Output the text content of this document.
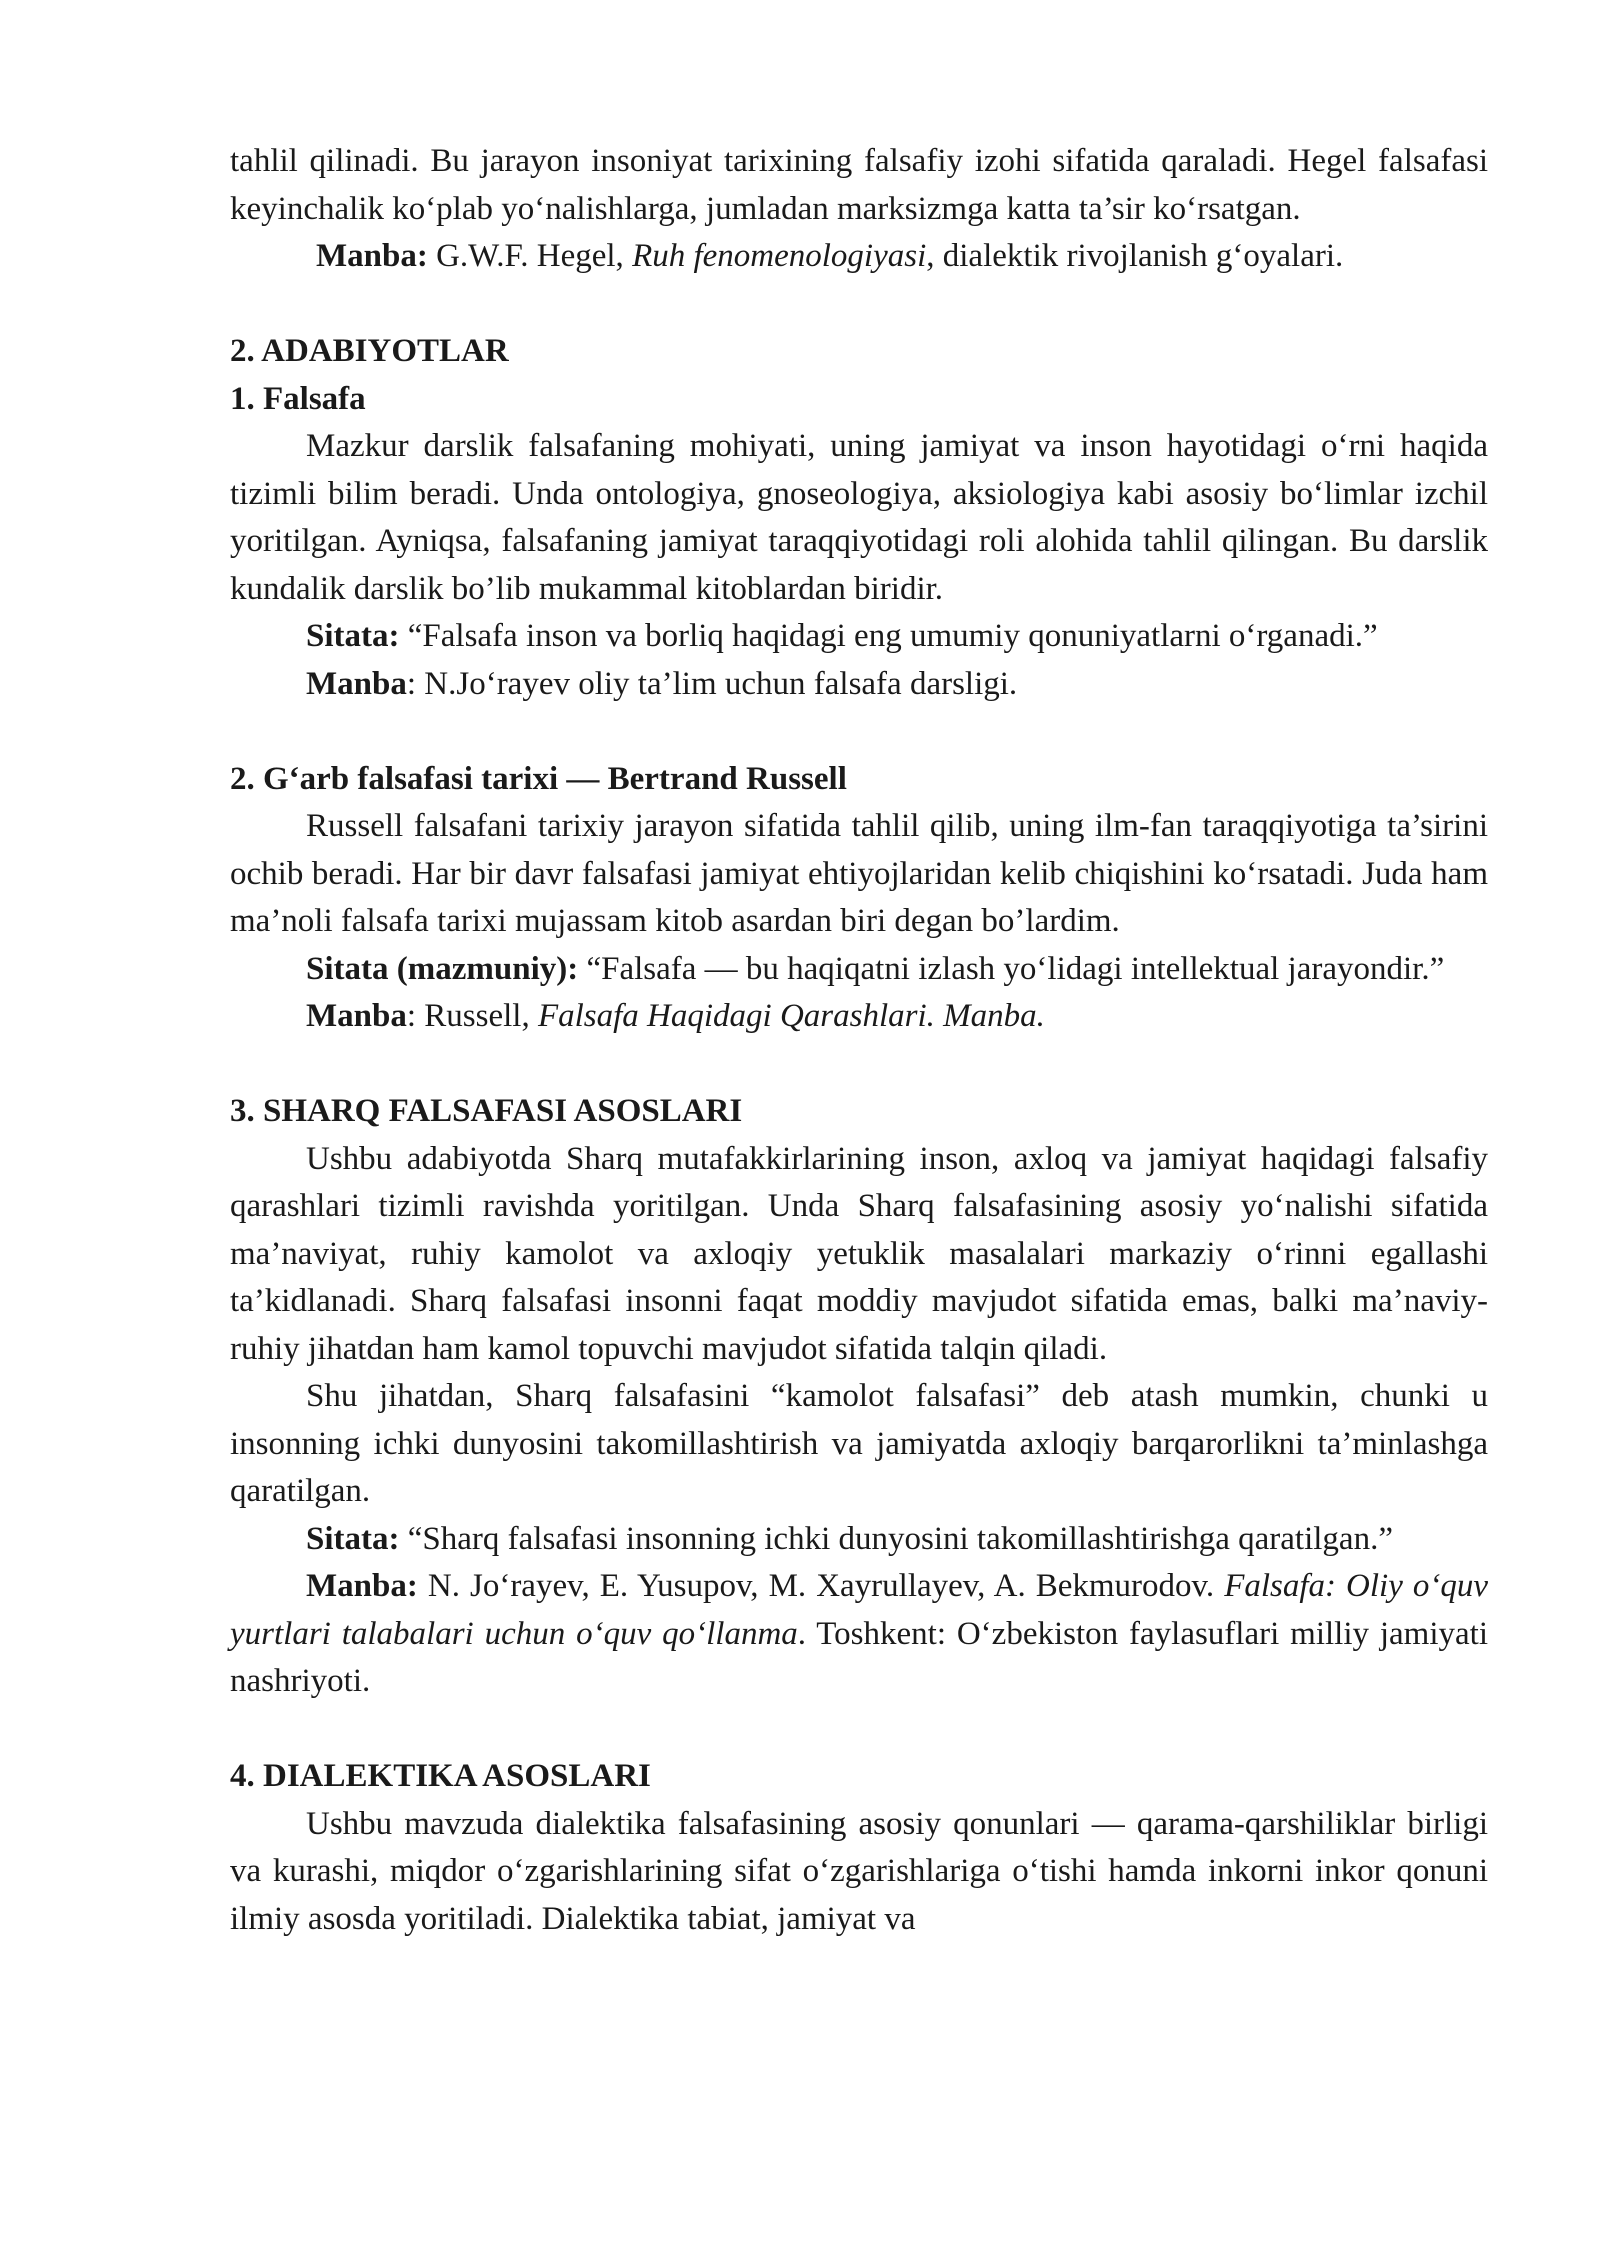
tahlil qilinadi. Bu jarayon insoniyat tarixining falsafiy izohi sifatida qaraladi. Hegel falsafasi keyinchalik ko‘plab yo‘nalishlarga, jumladan marksizmga katta ta’sir ko‘rsatgan.

Manba: G.W.F. Hegel, Ruh fenomenologiyasi, dialektik rivojlanish g‘oyalari.

2. ADABIYOTLAR
1. Falsafa

Mazkur darslik falsafaning mohiyati, uning jamiyat va inson hayotidagi o‘rni haqida tizimli bilim beradi. Unda ontologiya, gnoseologiya, aksiologiya kabi asosiy bo‘limlar izchil yoritilgan. Ayniqsa, falsafaning jamiyat taraqqiyotidagi roli alohida tahlil qilingan. Bu darslik kundalik darslik bo’lib mukammal kitoblardan biridir.

Sitata: “Falsafa inson va borliq haqidagi eng umumiy qonuniyatlarni o‘rganadi.”

Manba: N.Jo‘rayev oliy ta’lim uchun falsafa darsligi.

2. G‘arb falsafasi tarixi — Bertrand Russell

Russell falsafani tarixiy jarayon sifatida tahlil qilib, uning ilm-fan taraqqiyotiga ta’sirini ochib beradi. Har bir davr falsafasi jamiyat ehtiyojlaridan kelib chiqishini ko‘rsatadi. Juda ham ma’noli falsafa tarixi mujassam kitob asardan biri degan bo’lardim.

Sitata (mazmuniy): “Falsafa — bu haqiqatni izlash yo‘lidagi intellektual jarayondir.”

Manba: Russell, Falsafa Haqidagi Qarashlari. Manba.

3. SHARQ FALSAFASI ASOSLARI

Ushbu adabiyotda Sharq mutafakkirlarining inson, axloq va jamiyat haqidagi falsafiy qarashlari tizimli ravishda yoritilgan. Unda Sharq falsafasining asosiy yo‘nalishi sifatida ma’naviyat, ruhiy kamolot va axloqiy yetuklik masalalari markaziy o‘rinni egallashi ta’kidlanadi. Sharq falsafasi insonni faqat moddiy mavjudot sifatida emas, balki ma’naviy-ruhiy jihatdan ham kamol topuvchi mavjudot sifatida talqin qiladi.

Shu jihatdan, Sharq falsafasini “kamolot falsafasi” deb atash mumkin, chunki u insonning ichki dunyosini takomillashtirish va jamiyatda axloqiy barqarorlikni ta’minlashga qaratilgan.

Sitata: “Sharq falsafasi insonning ichki dunyosini takomillashtirishga qaratilgan.”

Manba: N. Jo‘rayev, E. Yusupov, M. Xayrullayev, A. Bekmurodov. Falsafa: Oliy o‘quv yurtlari talabalari uchun o‘quv qo‘llanma. Toshkent: O‘zbekiston faylasuflari milliy jamiyati nashriyoti.

4. DIALEKTIKA ASOSLARI

Ushbu mavzuda dialektika falsafasining asosiy qonunlari — qarama-qarshiliklar birligi va kurashi, miqdor o‘zgarishlarining sifat o‘zgarishlariga o‘tishi hamda inkorni inkor qonuni ilmiy asosda yoritiladi. Dialektika tabiat, jamiyat va
